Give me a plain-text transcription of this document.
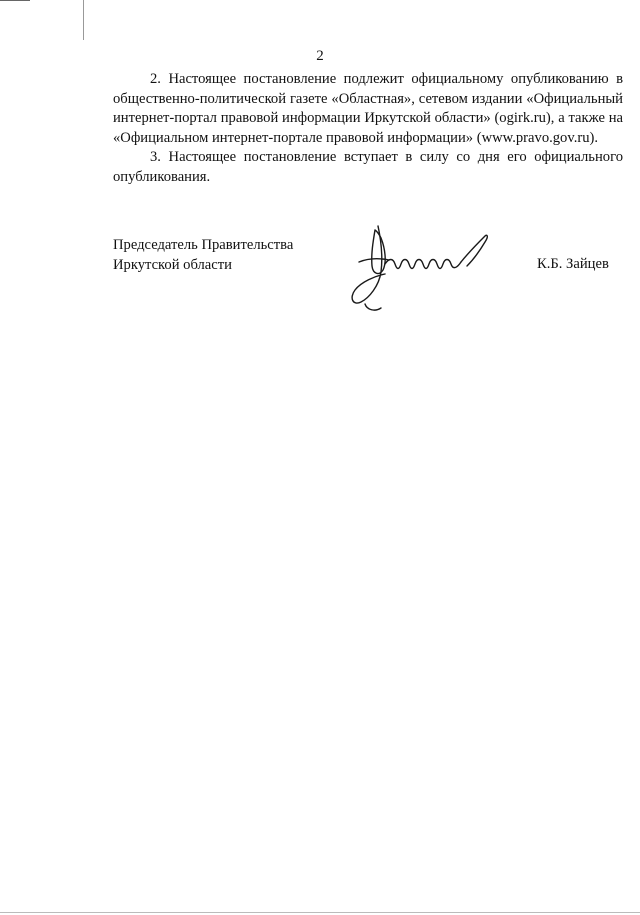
2

2. Настоящее постановление подлежит официальному опубликованию в общественно-политической газете «Областная», сетевом издании «Официальный интернет-портал правовой информации Иркутской области» (ogirk.ru), а также на «Официальном интернет-портале правовой информации» (www.pravo.gov.ru).

3. Настоящее постановление вступает в силу со дня его официального опубликования.

Председатель Правительства
Иркутской области	К.Б. Зайцев
